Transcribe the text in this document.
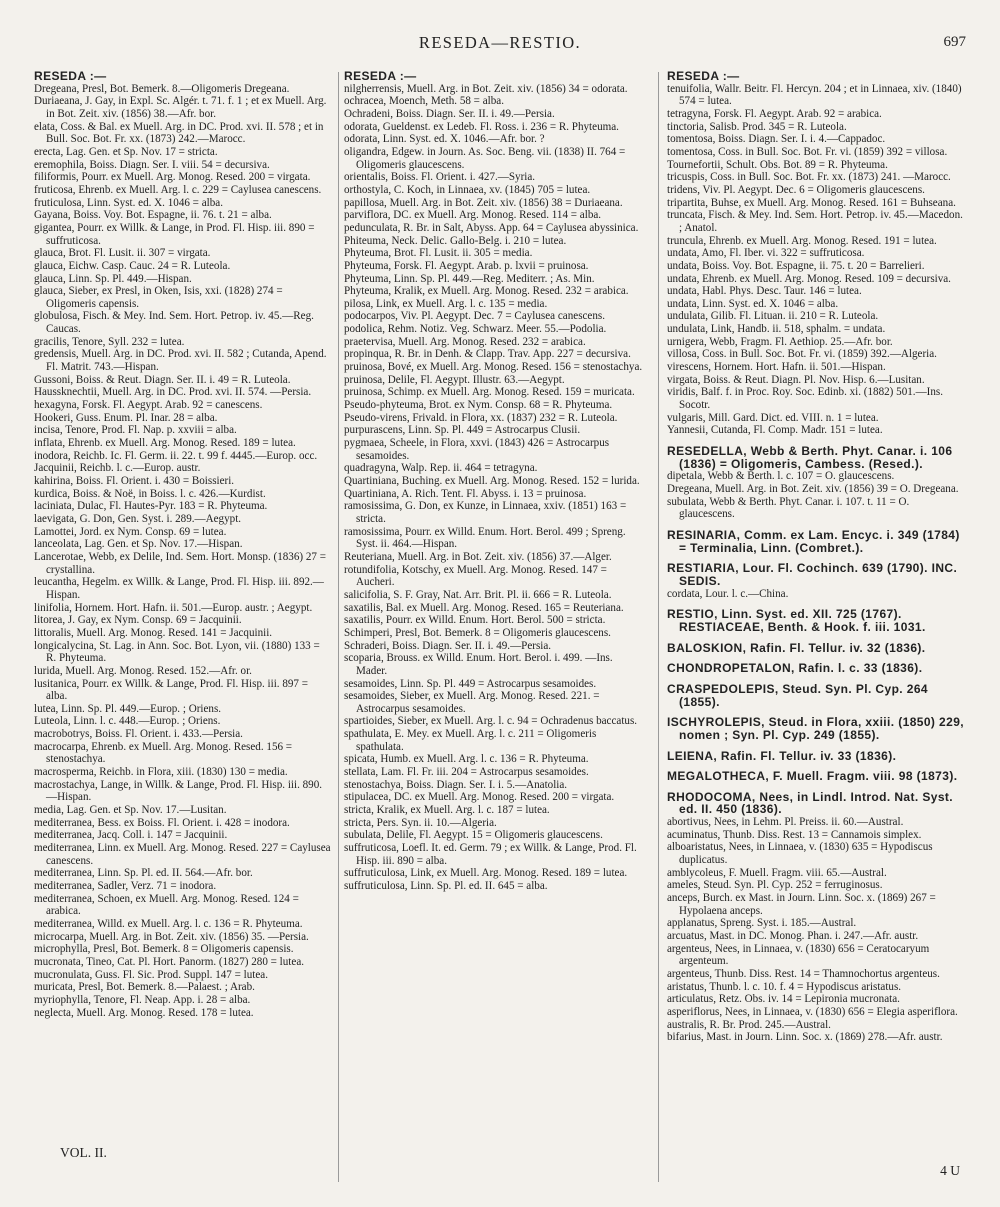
RESEDA—RESTIO.	697

RESEDA :—

Dregeana, Presl, Bot. Bemerk. 8.—Oligomeris Dregeana.

Duriaeana, J. Gay, in Expl. Sc. Algér. t. 71. f. 1 ; et ex Muell. Arg. in Bot. Zeit. xiv. (1856) 38.—Afr. bor.

elata, Coss. & Bal. ex Muell. Arg. in DC. Prod. xvi. II. 578 ; et in Bull. Soc. Bot. Fr. xx. (1873) 242.—Marocc.

erecta, Lag. Gen. et Sp. Nov. 17 = stricta.

eremophila, Boiss. Diagn. Ser. I. viii. 54 = decursiva.

filiformis, Pourr. ex Muell. Arg. Monog. Resed. 200 = virgata.

fruticosa, Ehrenb. ex Muell. Arg. l. c. 229 = Caylusea canescens.

fruticulosa, Linn. Syst. ed. X. 1046 = alba.

Gayana, Boiss. Voy. Bot. Espagne, ii. 76. t. 21 = alba.

gigantea, Pourr. ex Willk. & Lange, in Prod. Fl. Hisp. iii. 890 = suffruticosa.

glauca, Brot. Fl. Lusit. ii. 307 = virgata.

glauca, Eichw. Casp. Cauc. 24 = R. Luteola.

glauca, Linn. Sp. Pl. 449.—Hispan.

glauca, Sieber, ex Presl, in Oken, Isis, xxi. (1828) 274 = Oligomeris capensis.

globulosa, Fisch. & Mey. Ind. Sem. Hort. Petrop. iv. 45.—Reg. Caucas.

gracilis, Tenore, Syll. 232 = lutea.

gredensis, Muell. Arg. in DC. Prod. xvi. II. 582 ; Cutanda, Apend. Fl. Matrit. 743.—Hispan.

Gussoni, Boiss. & Reut. Diagn. Ser. II. i. 49 = R. Luteola.

Haussknechtii, Muell. Arg. in DC. Prod. xvi. II. 574. —Persia.

hexagyna, Forsk. Fl. Aegypt. Arab. 92 = canescens.

Hookeri, Guss. Enum. Pl. Inar. 28 = alba.

incisa, Tenore, Prod. Fl. Nap. p. xxviii = alba.

inflata, Ehrenb. ex Muell. Arg. Monog. Resed. 189 = lutea.

inodora, Reichb. Ic. Fl. Germ. ii. 22. t. 99 f. 4445.—Europ. occ.

Jacquinii, Reichb. l. c.—Europ. austr.

kahirina, Boiss. Fl. Orient. i. 430 = Boissieri.

kurdica, Boiss. & Noë, in Boiss. l. c. 426.—Kurdist.

laciniata, Dulac, Fl. Hautes-Pyr. 183 = R. Phyteuma.

laevigata, G. Don, Gen. Syst. i. 289.—Aegypt.

Lamottei, Jord. ex Nym. Consp. 69 = lutea.

lanceolata, Lag. Gen. et Sp. Nov. 17.—Hispan.

Lancerotae, Webb, ex Delile, Ind. Sem. Hort. Monsp. (1836) 27 = crystallina.

leucantha, Hegelm. ex Willk. & Lange, Prod. Fl. Hisp. iii. 892.—Hispan.

linifolia, Hornem. Hort. Hafn. ii. 501.—Europ. austr. ; Aegypt.

litorea, J. Gay, ex Nym. Consp. 69 = Jacquinii.

littoralis, Muell. Arg. Monog. Resed. 141 = Jacquinii.

longicalycina, St. Lag. in Ann. Soc. Bot. Lyon, vii. (1880) 133 = R. Phyteuma.

lurida, Muell. Arg. Monog. Resed. 152.—Afr. or.

lusitanica, Pourr. ex Willk. & Lange, Prod. Fl. Hisp. iii. 897 = alba.

lutea, Linn. Sp. Pl. 449.—Europ. ; Oriens.

Luteola, Linn. l. c. 448.—Europ. ; Oriens.

macrobotrys, Boiss. Fl. Orient. i. 433.—Persia.

macrocarpa, Ehrenb. ex Muell. Arg. Monog. Resed. 156 = stenostachya.

macrosperma, Reichb. in Flora, xiii. (1830) 130 = media.

macrostachya, Lange, in Willk. & Lange, Prod. Fl. Hisp. iii. 890.—Hispan.

media, Lag. Gen. et Sp. Nov. 17.—Lusitan.

mediterranea, Bess. ex Boiss. Fl. Orient. i. 428 = inodora.

mediterranea, Jacq. Coll. i. 147 = Jacquinii.

mediterranea, Linn. ex Muell. Arg. Monog. Resed. 227 = Caylusea canescens.

mediterranea, Linn. Sp. Pl. ed. II. 564.—Afr. bor.

mediterranea, Sadler, Verz. 71 = inodora.

mediterranea, Schoen, ex Muell. Arg. Monog. Resed. 124 = arabica.

mediterranea, Willd. ex Muell. Arg. l. c. 136 = R. Phyteuma.

microcarpa, Muell. Arg. in Bot. Zeit. xiv. (1856) 35. —Persia.

microphylla, Presl, Bot. Bemerk. 8 = Oligomeris capensis.

mucronata, Tineo, Cat. Pl. Hort. Panorm. (1827) 280 = lutea.

mucronulata, Guss. Fl. Sic. Prod. Suppl. 147 = lutea.

muricata, Presl, Bot. Bemerk. 8.—Palaest. ; Arab.

myriophylla, Tenore, Fl. Neap. App. i. 28 = alba.

neglecta, Muell. Arg. Monog. Resed. 178 = lutea.

RESEDA :—

nilgherrensis, Muell. Arg. in Bot. Zeit. xiv. (1856) 34 = odorata.

ochracea, Moench, Meth. 58 = alba.

Ochradeni, Boiss. Diagn. Ser. II. i. 49.—Persia.

odorata, Gueldenst. ex Ledeb. Fl. Ross. i. 236 = R. Phyteuma.

odorata, Linn. Syst. ed. X. 1046.—Afr. bor. ?

oligandra, Edgew. in Journ. As. Soc. Beng. vii. (1838) II. 764 = Oligomeris glaucescens.

orientalis, Boiss. Fl. Orient. i. 427.—Syria.

orthostyla, C. Koch, in Linnaea, xv. (1845) 705 = lutea.

papillosa, Muell. Arg. in Bot. Zeit. xiv. (1856) 38 = Duriaeana.

parviflora, DC. ex Muell. Arg. Monog. Resed. 114 = alba.

pedunculata, R. Br. in Salt, Abyss. App. 64 = Caylusea abyssinica.

Phiteuma, Neck. Delic. Gallo-Belg. i. 210 = lutea.

Phyteuma, Brot. Fl. Lusit. ii. 305 = media.

Phyteuma, Forsk. Fl. Aegypt. Arab. p. lxvii = pruinosa.

Phyteuma, Linn. Sp. Pl. 449.—Reg. Mediterr. ; As. Min.

Phyteuma, Kralik, ex Muell. Arg. Monog. Resed. 232 = arabica.

pilosa, Link, ex Muell. Arg. l. c. 135 = media.

podocarpos, Viv. Pl. Aegypt. Dec. 7 = Caylusea canescens.

podolica, Rehm. Notiz. Veg. Schwarz. Meer. 55.—Podolia.

praetervisa, Muell. Arg. Monog. Resed. 232 = arabica.

propinqua, R. Br. in Denh. & Clapp. Trav. App. 227 = decursiva.

pruinosa, Bové, ex Muell. Arg. Monog. Resed. 156 = stenostachya.

pruinosa, Delile, Fl. Aegypt. Illustr. 63.—Aegypt.

pruinosa, Schimp. ex Muell. Arg. Monog. Resed. 159 = muricata.

Pseudo-phyteuma, Brot. ex Nym. Consp. 68 = R. Phyteuma.

Pseudo-virens, Frivald. in Flora, xx. (1837) 232 = R. Luteola.

purpurascens, Linn. Sp. Pl. 449 = Astrocarpus Clusii.

pygmaea, Scheele, in Flora, xxvi. (1843) 426 = Astrocarpus sesamoides.

quadragyna, Walp. Rep. ii. 464 = tetragyna.

Quartiniana, Buching. ex Muell. Arg. Monog. Resed. 152 = lurida.

Quartiniana, A. Rich. Tent. Fl. Abyss. i. 13 = pruinosa.

ramosissima, G. Don, ex Kunze, in Linnaea, xxiv. (1851) 163 = stricta.

ramosissima, Pourr. ex Willd. Enum. Hort. Berol. 499 ; Spreng. Syst. ii. 464.—Hispan.

Reuteriana, Muell. Arg. in Bot. Zeit. xiv. (1856) 37.—Alger.

rotundifolia, Kotschy, ex Muell. Arg. Monog. Resed. 147 = Aucheri.

salicifolia, S. F. Gray, Nat. Arr. Brit. Pl. ii. 666 = R. Luteola.

saxatilis, Bal. ex Muell. Arg. Monog. Resed. 165 = Reuteriana.

saxatilis, Pourr. ex Willd. Enum. Hort. Berol. 500 = stricta.

Schimperi, Presl, Bot. Bemerk. 8 = Oligomeris glaucescens.

Schraderi, Boiss. Diagn. Ser. II. i. 49.—Persia.

scoparia, Brouss. ex Willd. Enum. Hort. Berol. i. 499. —Ins. Mader.

sesamoides, Linn. Sp. Pl. 449 = Astrocarpus sesamoides.

sesamoides, Sieber, ex Muell. Arg. Monog. Resed. 221. = Astrocarpus sesamoides.

spartioides, Sieber, ex Muell. Arg. l. c. 94 = Ochradenus baccatus.

spathulata, E. Mey. ex Muell. Arg. l. c. 211 = Oligomeris spathulata.

spicata, Humb. ex Muell. Arg. l. c. 136 = R. Phyteuma.

stellata, Lam. Fl. Fr. iii. 204 = Astrocarpus sesamoides.

stenostachya, Boiss. Diagn. Ser. I. i. 5.—Anatolia.

stipulacea, DC. ex Muell. Arg. Monog. Resed. 200 = virgata.

stricta, Kralik, ex Muell. Arg. l. c. 187 = lutea.

stricta, Pers. Syn. ii. 10.—Algeria.

subulata, Delile, Fl. Aegypt. 15 = Oligomeris glaucescens.

suffruticosa, Loefl. It. ed. Germ. 79 ; ex Willk. & Lange, Prod. Fl. Hisp. iii. 890 = alba.

suffruticulosa, Link, ex Muell. Arg. Monog. Resed. 189 = lutea.

suffruticulosa, Linn. Sp. Pl. ed. II. 645 = alba.

RESEDA :—

tenuifolia, Wallr. Beitr. Fl. Hercyn. 204 ; et in Linnaea, xiv. (1840) 574 = lutea.

tetragyna, Forsk. Fl. Aegypt. Arab. 92 = arabica.

tinctoria, Salisb. Prod. 345 = R. Luteola.

tomentosa, Boiss. Diagn. Ser. I. i. 4.—Cappadoc.

tomentosa, Coss. in Bull. Soc. Bot. Fr. vi. (1859) 392 = villosa.

Tournefortii, Schult. Obs. Bot. 89 = R. Phyteuma.

tricuspis, Coss. in Bull. Soc. Bot. Fr. xx. (1873) 241. —Marocc.

tridens, Viv. Pl. Aegypt. Dec. 6 = Oligomeris glaucescens.

tripartita, Buhse, ex Muell. Arg. Monog. Resed. 161 = Buhseana.

truncata, Fisch. & Mey. Ind. Sem. Hort. Petrop. iv. 45.—Macedon. ; Anatol.

truncula, Ehrenb. ex Muell. Arg. Monog. Resed. 191 = lutea.

undata, Amo, Fl. Iber. vi. 322 = suffruticosa.

undata, Boiss. Voy. Bot. Espagne, ii. 75. t. 20 = Barrelieri.

undata, Ehrenb. ex Muell. Arg. Monog. Resed. 109 = decursiva.

undata, Habl. Phys. Desc. Taur. 146 = lutea.

undata, Linn. Syst. ed. X. 1046 = alba.

undulata, Gilib. Fl. Lituan. ii. 210 = R. Luteola.

undulata, Link, Handb. ii. 518, sphalm. = undata.

urnigera, Webb, Fragm. Fl. Aethiop. 25.—Afr. bor.

villosa, Coss. in Bull. Soc. Bot. Fr. vi. (1859) 392.—Algeria.

virescens, Hornem. Hort. Hafn. ii. 501.—Hispan.

virgata, Boiss. & Reut. Diagn. Pl. Nov. Hisp. 6.—Lusitan.

viridis, Balf. f. in Proc. Roy. Soc. Edinb. xi. (1882) 501.—Ins. Socotr.

vulgaris, Mill. Gard. Dict. ed. VIII. n. 1 = lutea.

Yannesii, Cutanda, Fl. Comp. Madr. 151 = lutea.

RESEDELLA, Webb & Berth. Phyt. Canar. i. 106 (1836) = Oligomeris, Cambess. (Resed.).

dipetala, Webb & Berth. l. c. 107 = O. glaucescens.

Dregeana, Muell. Arg. in Bot. Zeit. xiv. (1856) 39 = O. Dregeana.

subulata, Webb & Berth. Phyt. Canar. i. 107. t. 11 = O. glaucescens.

RESINARIA, Comm. ex Lam. Encyc. i. 349 (1784) = Terminalia, Linn. (Combret.).

RESTIARIA, Lour. Fl. Cochinch. 639 (1790). INC. SEDIS.

cordata, Lour. l. c.—China.

RESTIO, Linn. Syst. ed. XII. 725 (1767). RESTIACEAE, Benth. & Hook. f. iii. 1031.

BALOSKION, Rafin. Fl. Tellur. iv. 32 (1836).

CHONDROPETALON, Rafin. l. c. 33 (1836).

CRASPEDOLEPIS, Steud. Syn. Pl. Cyp. 264 (1855).

ISCHYROLEPIS, Steud. in Flora, xxiii. (1850) 229, nomen ; Syn. Pl. Cyp. 249 (1855).

LEIENA, Rafin. Fl. Tellur. iv. 33 (1836).

MEGALOTHECA, F. Muell. Fragm. viii. 98 (1873).

RHODOCOMA, Nees, in Lindl. Introd. Nat. Syst. ed. II. 450 (1836).

abortivus, Nees, in Lehm. Pl. Preiss. ii. 60.—Austral.

acuminatus, Thunb. Diss. Rest. 13 = Cannamois simplex.

alboaristatus, Nees, in Linnaea, v. (1830) 635 = Hypodiscus duplicatus.

amblycoleus, F. Muell. Fragm. viii. 65.—Austral.

ameles, Steud. Syn. Pl. Cyp. 252 = ferruginosus.

anceps, Burch. ex Mast. in Journ. Linn. Soc. x. (1869) 267 = Hypolaena anceps.

applanatus, Spreng. Syst. i. 185.—Austral.

arcuatus, Mast. in DC. Monog. Phan. i. 247.—Afr. austr.

argenteus, Nees, in Linnaea, v. (1830) 656 = Ceratocaryum argenteum.

argenteus, Thunb. Diss. Rest. 14 = Thamnochortus argenteus.

aristatus, Thunb. l. c. 10. f. 4 = Hypodiscus aristatus.

articulatus, Retz. Obs. iv. 14 = Lepironia mucronata.

asperiflorus, Nees, in Linnaea, v. (1830) 656 = Elegia asperiflora.

australis, R. Br. Prod. 245.—Austral.

bifarius, Mast. in Journ. Linn. Soc. x. (1869) 278.—Afr. austr.

VOL. II.
4 U
